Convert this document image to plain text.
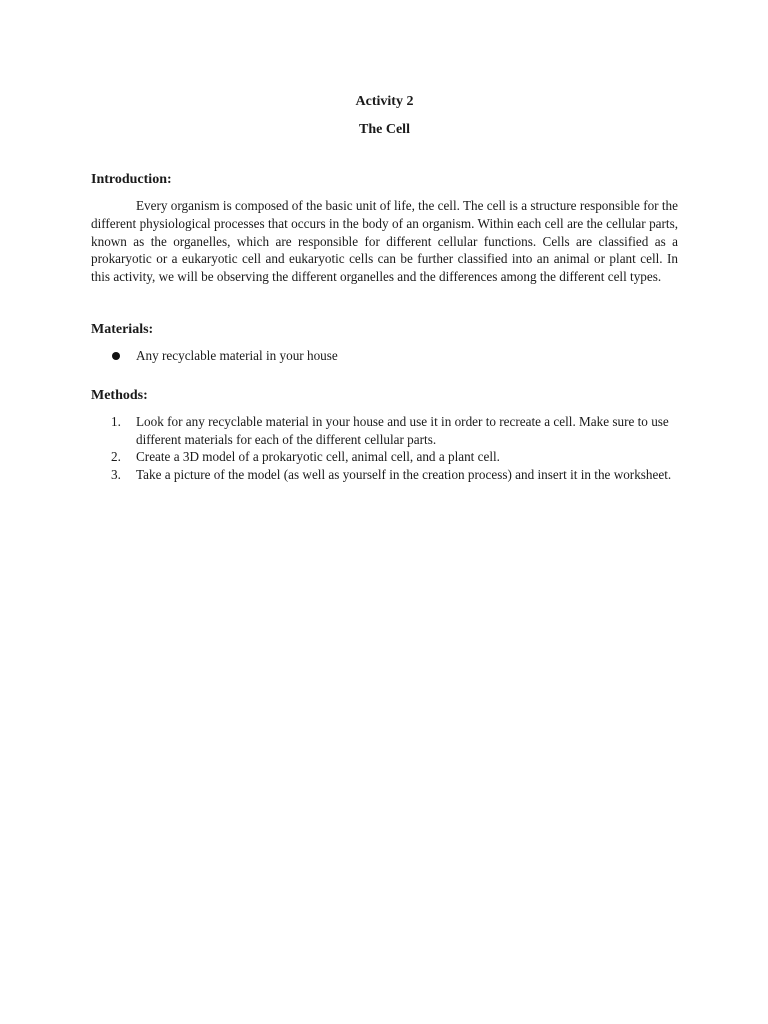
Activity 2
The Cell
Introduction:

Every organism is composed of the basic unit of life, the cell. The cell is a structure responsible for the different physiological processes that occurs in the body of an organism. Within each cell are the cellular parts, known as the organelles, which are responsible for different cellular functions. Cells are classified as a prokaryotic or a eukaryotic cell and eukaryotic cells can be further classified into an animal or plant cell. In this activity, we will be observing the different organelles and the differences among the different cell types.

Materials:
Any recyclable material in your house
Methods:
1. Look for any recyclable material in your house and use it in order to recreate a cell. Make sure to use different materials for each of the different cellular parts.
2. Create a 3D model of a prokaryotic cell, animal cell, and a plant cell.
3. Take a picture of the model (as well as yourself in the creation process) and insert it in the worksheet.
